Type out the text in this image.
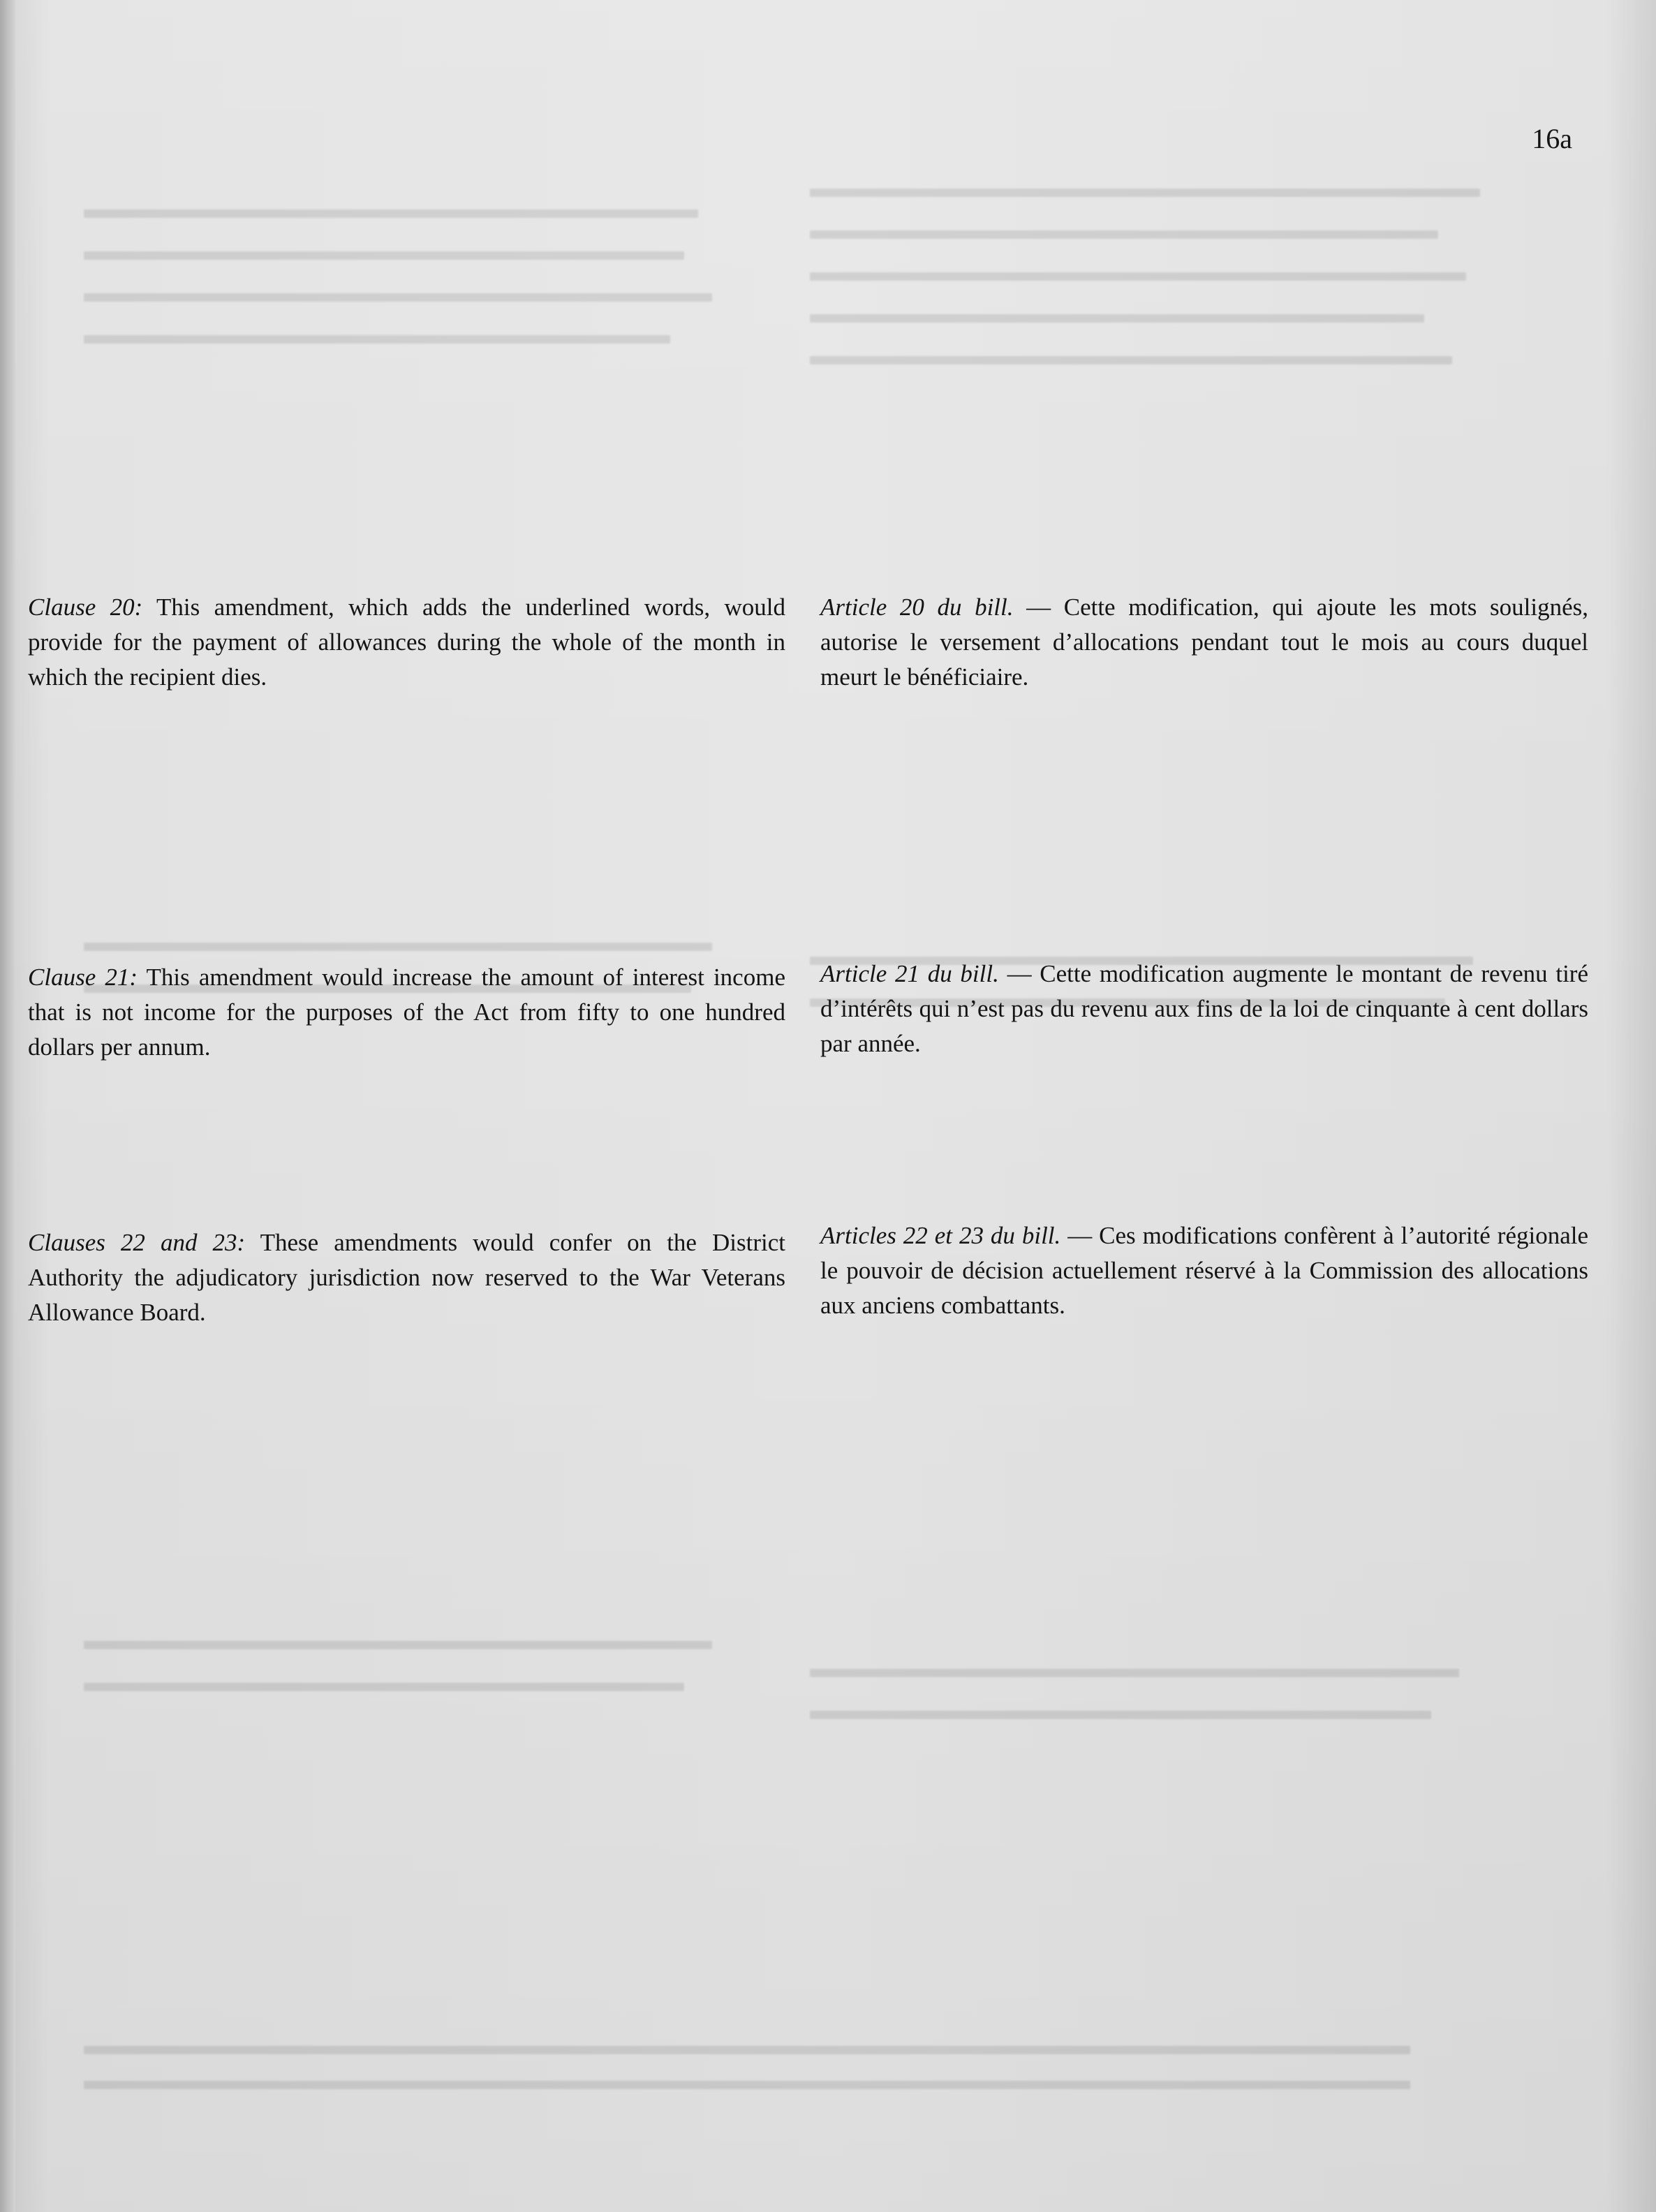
16a
Clause 20: This amendment, which adds the underlined words, would provide for the payment of allowances during the whole of the month in which the recipient dies.
Article 20 du bill. — Cette modification, qui ajoute les mots soulignés, autorise le versement d’allocations pendant tout le mois au cours duquel meurt le bénéficiaire.
Clause 21: This amendment would increase the amount of interest income that is not income for the purposes of the Act from fifty to one hundred dollars per annum.
Article 21 du bill. — Cette modification augmente le montant de revenu tiré d’intérêts qui n’est pas du revenu aux fins de la loi de cinquante à cent dollars par année.
Clauses 22 and 23: These amendments would confer on the District Authority the adjudicatory jurisdiction now reserved to the War Veterans Allowance Board.
Articles 22 et 23 du bill. — Ces modifications confèrent à l’autorité régionale le pouvoir de décision actuellement réservé à la Commission des allocations aux anciens combattants.
